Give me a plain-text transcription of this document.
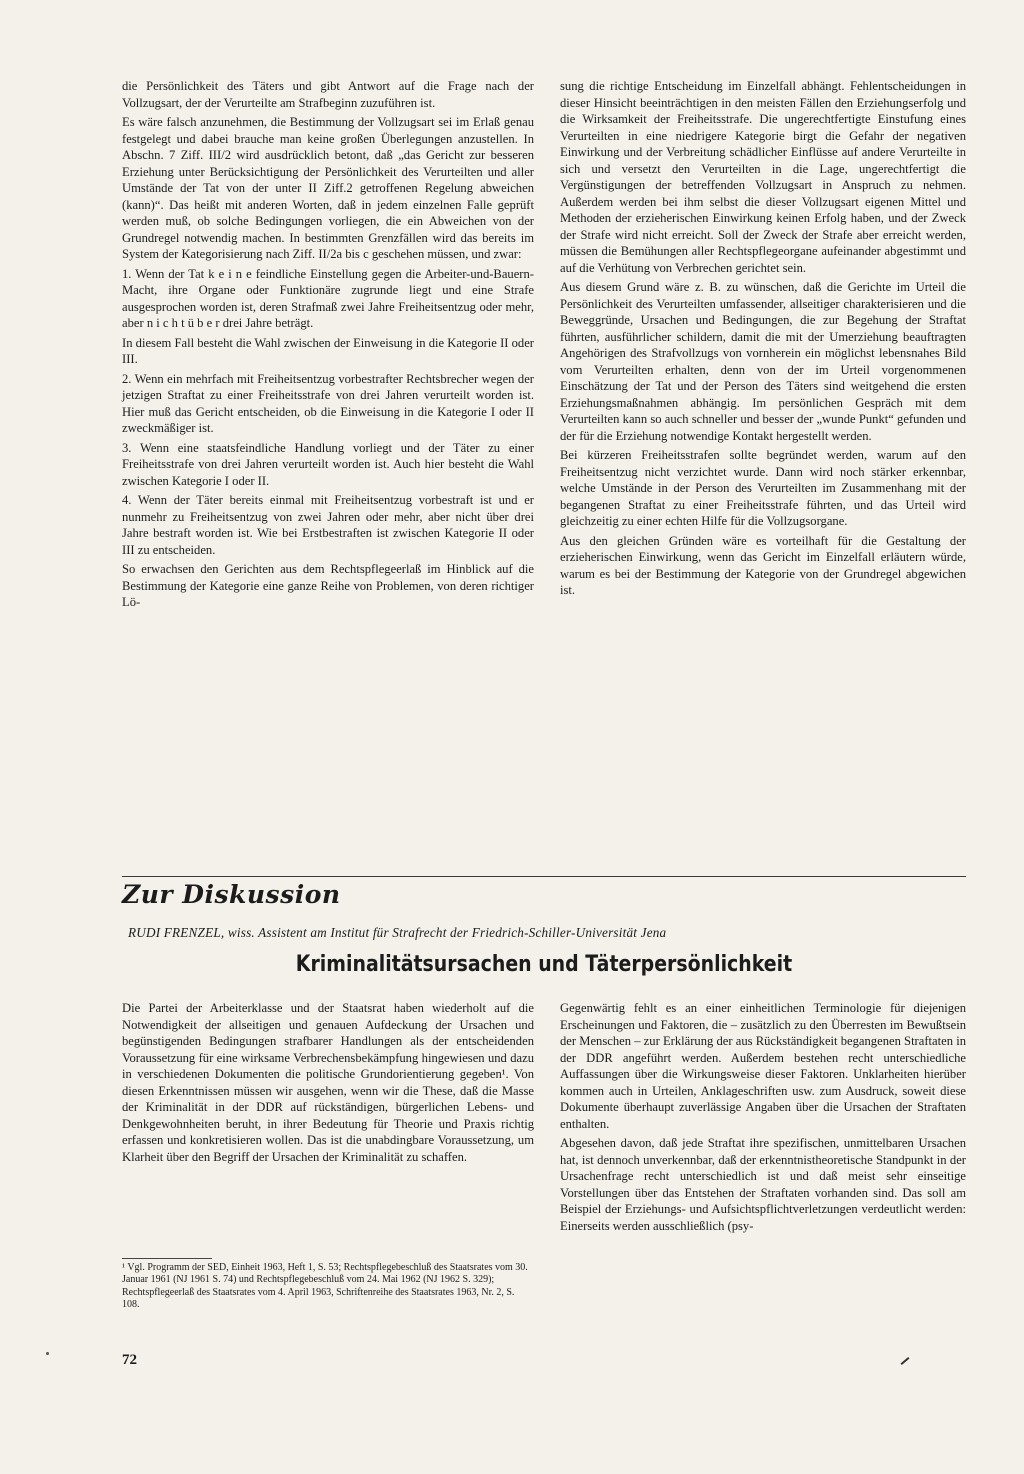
die Persönlichkeit des Täters und gibt Antwort auf die Frage nach der Vollzugsart, der der Verurteilte am Strafbeginn zuzuführen ist.

Es wäre falsch anzunehmen, die Bestimmung der Vollzugsart sei im Erlaß genau festgelegt und dabei brauche man keine großen Überlegungen anzustellen. In Abschn. 7 Ziff. III/2 wird ausdrücklich betont, daß „das Gericht zur besseren Erziehung unter Berücksichtigung der Persönlichkeit des Verurteilten und aller Umstände der Tat von der unter II Ziff.2 getroffenen Regelung abweichen (kann)“. Das heißt mit anderen Worten, daß in jedem einzelnen Falle geprüft werden muß, ob solche Bedingungen vorliegen, die ein Abweichen von der Grundregel notwendig machen. In bestimmten Grenzfällen wird das bereits im System der Kategorisierung nach Ziff. II/2a bis c geschehen müssen, und zwar:

1. Wenn der Tat k e i n e feindliche Einstellung gegen die Arbeiter-und-Bauern-Macht, ihre Organe oder Funktionäre zugrunde liegt und eine Strafe ausgesprochen worden ist, deren Strafmaß zwei Jahre Freiheitsentzug oder mehr, aber n i c h t ü b e r drei Jahre beträgt.

In diesem Fall besteht die Wahl zwischen der Einweisung in die Kategorie II oder III.

2. Wenn ein mehrfach mit Freiheitsentzug vorbestrafter Rechtsbrecher wegen der jetzigen Straftat zu einer Freiheitsstrafe von drei Jahren verurteilt worden ist. Hier muß das Gericht entscheiden, ob die Einweisung in die Kategorie I oder II zweckmäßiger ist.

3. Wenn eine staatsfeindliche Handlung vorliegt und der Täter zu einer Freiheitsstrafe von drei Jahren verurteilt worden ist. Auch hier besteht die Wahl zwischen Kategorie I oder II.

4. Wenn der Täter bereits einmal mit Freiheitsentzug vorbestraft ist und er nunmehr zu Freiheitsentzug von zwei Jahren oder mehr, aber nicht über drei Jahre bestraft worden ist. Wie bei Erstbestraften ist zwischen Kategorie II oder III zu entscheiden.

So erwachsen den Gerichten aus dem Rechtspflegeerlaß im Hinblick auf die Bestimmung der Kategorie eine ganze Reihe von Problemen, von deren richtiger Lö-

sung die richtige Entscheidung im Einzelfall abhängt. Fehlentscheidungen in dieser Hinsicht beeinträchtigen in den meisten Fällen den Erziehungserfolg und die Wirksamkeit der Freiheitsstrafe. Die ungerechtfertigte Einstufung eines Verurteilten in eine niedrigere Kategorie birgt die Gefahr der negativen Einwirkung und der Verbreitung schädlicher Einflüsse auf andere Verurteilte in sich und versetzt den Verurteilten in die Lage, ungerechtfertigt die Vergünstigungen der betreffenden Vollzugsart in Anspruch zu nehmen. Außerdem werden bei ihm selbst die dieser Vollzugsart eigenen Mittel und Methoden der erzieherischen Einwirkung keinen Erfolg haben, und der Zweck der Strafe wird nicht erreicht. Soll der Zweck der Strafe aber erreicht werden, müssen die Bemühungen aller Rechtspflegeorgane aufeinander abgestimmt und auf die Verhütung von Verbrechen gerichtet sein.

Aus diesem Grund wäre z. B. zu wünschen, daß die Gerichte im Urteil die Persönlichkeit des Verurteilten umfassender, allseitiger charakterisieren und die Beweggründe, Ursachen und Bedingungen, die zur Begehung der Straftat führten, ausführlicher schildern, damit die mit der Umerziehung beauftragten Angehörigen des Strafvollzugs von vornherein ein möglichst lebensnahes Bild vom Verurteilten erhalten, denn von der im Urteil vorgenommenen Einschätzung der Tat und der Person des Täters sind weitgehend die ersten Erziehungsmaßnahmen abhängig. Im persönlichen Gespräch mit dem Verurteilten kann so auch schneller und besser der „wunde Punkt“ gefunden und der für die Erziehung notwendige Kontakt hergestellt werden.

Bei kürzeren Freiheitsstrafen sollte begründet werden, warum auf den Freiheitsentzug nicht verzichtet wurde. Dann wird noch stärker erkennbar, welche Umstände in der Person des Verurteilten im Zusammenhang mit der begangenen Straftat zu einer Freiheitsstrafe führten, und das Urteil wird gleichzeitig zu einer echten Hilfe für die Vollzugsorgane.

Aus den gleichen Gründen wäre es vorteilhaft für die Gestaltung der erzieherischen Einwirkung, wenn das Gericht im Einzelfall erläutern würde, warum es bei der Bestimmung der Kategorie von der Grundregel abgewichen ist.

Zur Diskussion
RUDI FRENZEL, wiss. Assistent am Institut für Strafrecht der Friedrich-Schiller-Universität Jena
Kriminalitätsursachen und Täterpersönlichkeit

Die Partei der Arbeiterklasse und der Staatsrat haben wiederholt auf die Notwendigkeit der allseitigen und genauen Aufdeckung der Ursachen und begünstigenden Bedingungen strafbarer Handlungen als der entscheidenden Voraussetzung für eine wirksame Verbrechensbekämpfung hingewiesen und dazu in verschiedenen Dokumenten die politische Grundorientierung gegeben¹. Von diesen Erkenntnissen müssen wir ausgehen, wenn wir die These, daß die Masse der Kriminalität in der DDR auf rückständigen, bürgerlichen Lebens- und Denkgewohnheiten beruht, in ihrer Bedeutung für Theorie und Praxis richtig erfassen und konkretisieren wollen. Das ist die unabdingbare Voraussetzung, um Klarheit über den Begriff der Ursachen der Kriminalität zu schaffen.

¹ Vgl. Programm der SED, Einheit 1963, Heft 1, S. 53; Rechtspflegebeschluß des Staatsrates vom 30. Januar 1961 (NJ 1961 S. 74) und Rechtspflegebeschluß vom 24. Mai 1962 (NJ 1962 S. 329); Rechtspflegeerlaß des Staatsrates vom 4. April 1963, Schriftenreihe des Staatsrates 1963, Nr. 2, S. 108.

Gegenwärtig fehlt es an einer einheitlichen Terminologie für diejenigen Erscheinungen und Faktoren, die – zusätzlich zu den Überresten im Bewußtsein der Menschen – zur Erklärung der aus Rückständigkeit begangenen Straftaten in der DDR angeführt werden. Außerdem bestehen recht unterschiedliche Auffassungen über die Wirkungsweise dieser Faktoren. Unklarheiten hierüber kommen auch in Urteilen, Anklageschriften usw. zum Ausdruck, soweit diese Dokumente überhaupt zuverlässige Angaben über die Ursachen der Straftaten enthalten.

Abgesehen davon, daß jede Straftat ihre spezifischen, unmittelbaren Ursachen hat, ist dennoch unverkennbar, daß der erkenntnistheoretische Standpunkt in der Ursachenfrage recht unterschiedlich ist und daß meist sehr einseitige Vorstellungen über das Entstehen der Straftaten vorhanden sind. Das soll am Beispiel der Erziehungs- und Aufsichtspflichtverletzungen verdeutlicht werden: Einerseits werden ausschließlich (psy-

72
